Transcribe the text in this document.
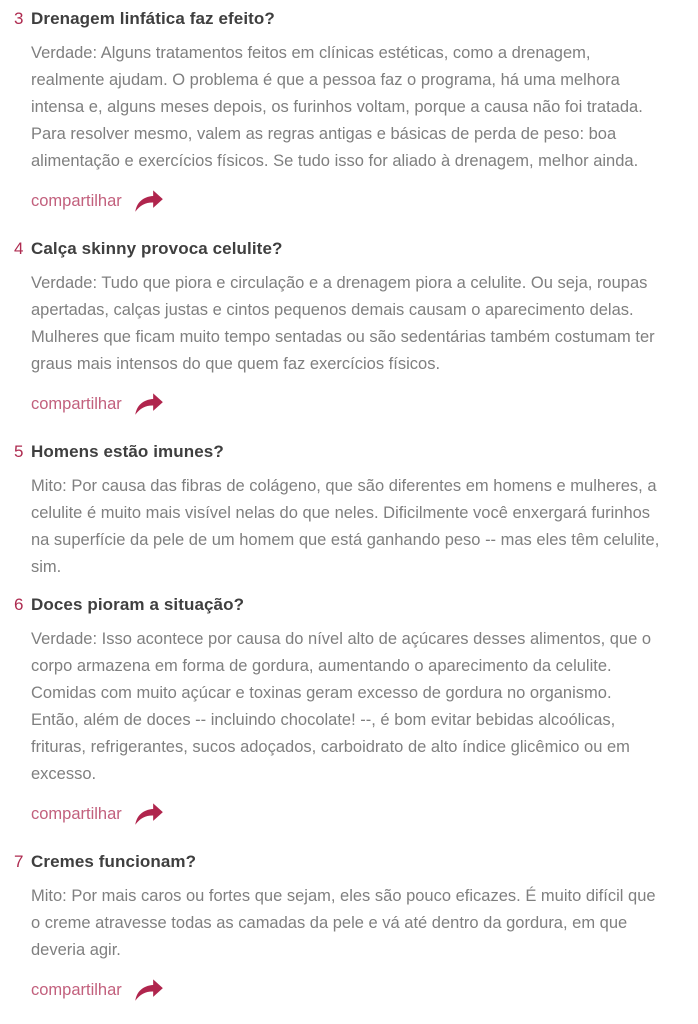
3 Drenagem linfática faz efeito?

Verdade: Alguns tratamentos feitos em clínicas estéticas, como a drenagem, realmente ajudam. O problema é que a pessoa faz o programa, há uma melhora intensa e, alguns meses depois, os furinhos voltam, porque a causa não foi tratada. Para resolver mesmo, valem as regras antigas e básicas de perda de peso: boa alimentação e exercícios físicos. Se tudo isso for aliado à drenagem, melhor ainda.

compartilhar
4 Calça skinny provoca celulite?

Verdade: Tudo que piora e circulação e a drenagem piora a celulite. Ou seja, roupas apertadas, calças justas e cintos pequenos demais causam o aparecimento delas. Mulheres que ficam muito tempo sentadas ou são sedentárias também costumam ter graus mais intensos do que quem faz exercícios físicos.

compartilhar
5 Homens estão imunes?

Mito: Por causa das fibras de colágeno, que são diferentes em homens e mulheres, a celulite é muito mais visível nelas do que neles. Dificilmente você enxergará furinhos na superfície da pele de um homem que está ganhando peso -- mas eles têm celulite, sim.

6 Doces pioram a situação?

Verdade: Isso acontece por causa do nível alto de açúcares desses alimentos, que o corpo armazena em forma de gordura, aumentando o aparecimento da celulite. Comidas com muito açúcar e toxinas geram excesso de gordura no organismo. Então, além de doces -- incluindo chocolate! --, é bom evitar bebidas alcoólicas, frituras, refrigerantes, sucos adoçados, carboidrato de alto índice glicêmico ou em excesso.

compartilhar
7 Cremes funcionam?

Mito: Por mais caros ou fortes que sejam, eles são pouco eficazes. É muito difícil que o creme atravesse todas as camadas da pele e vá até dentro da gordura, em que deveria agir.

compartilhar
